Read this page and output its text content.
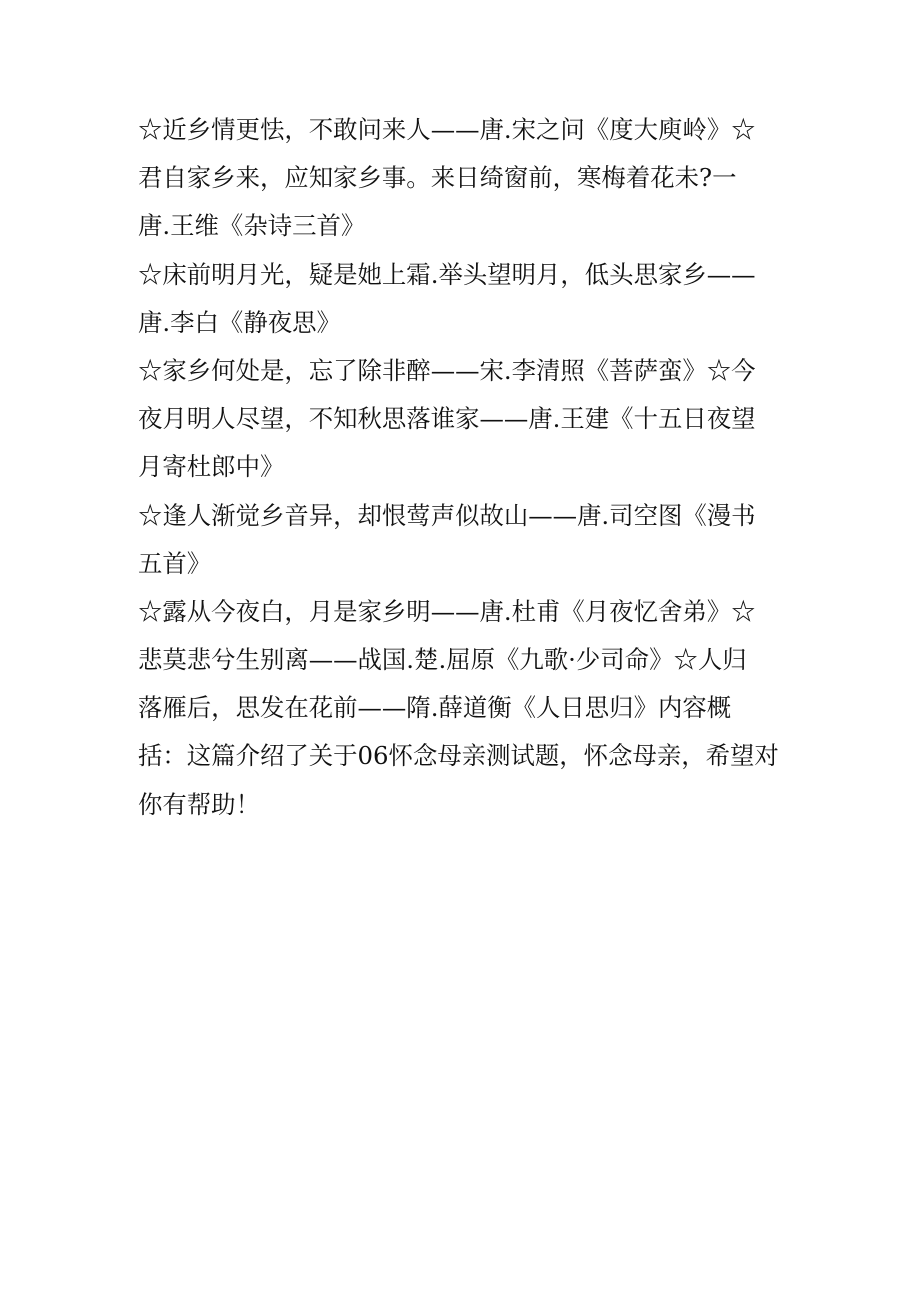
☆近乡情更怯，不敢问来人——唐.宋之问《度大庾岭》☆
君自家乡来，应知家乡事。来日绮窗前，寒梅着花未?一
唐.王维《杂诗三首》
☆床前明月光，疑是她上霜.举头望明月，低头思家乡——
唐.李白《静夜思》
☆家乡何处是，忘了除非醉——宋.李清照《菩萨蛮》☆今
夜月明人尽望，不知秋思落谁家——唐.王建《十五日夜望
月寄杜郎中》
☆逢人渐觉乡音异，却恨莺声似故山——唐.司空图《漫书
五首》
☆露从今夜白，月是家乡明——唐.杜甫《月夜忆舍弟》☆
悲莫悲兮生别离——战国.楚.屈原《九歌·少司命》☆人归
落雁后，思发在花前——隋.薛道衡《人日思归》内容概
括：这篇介绍了关于06怀念母亲测试题，怀念母亲，希望对
你有帮助！
